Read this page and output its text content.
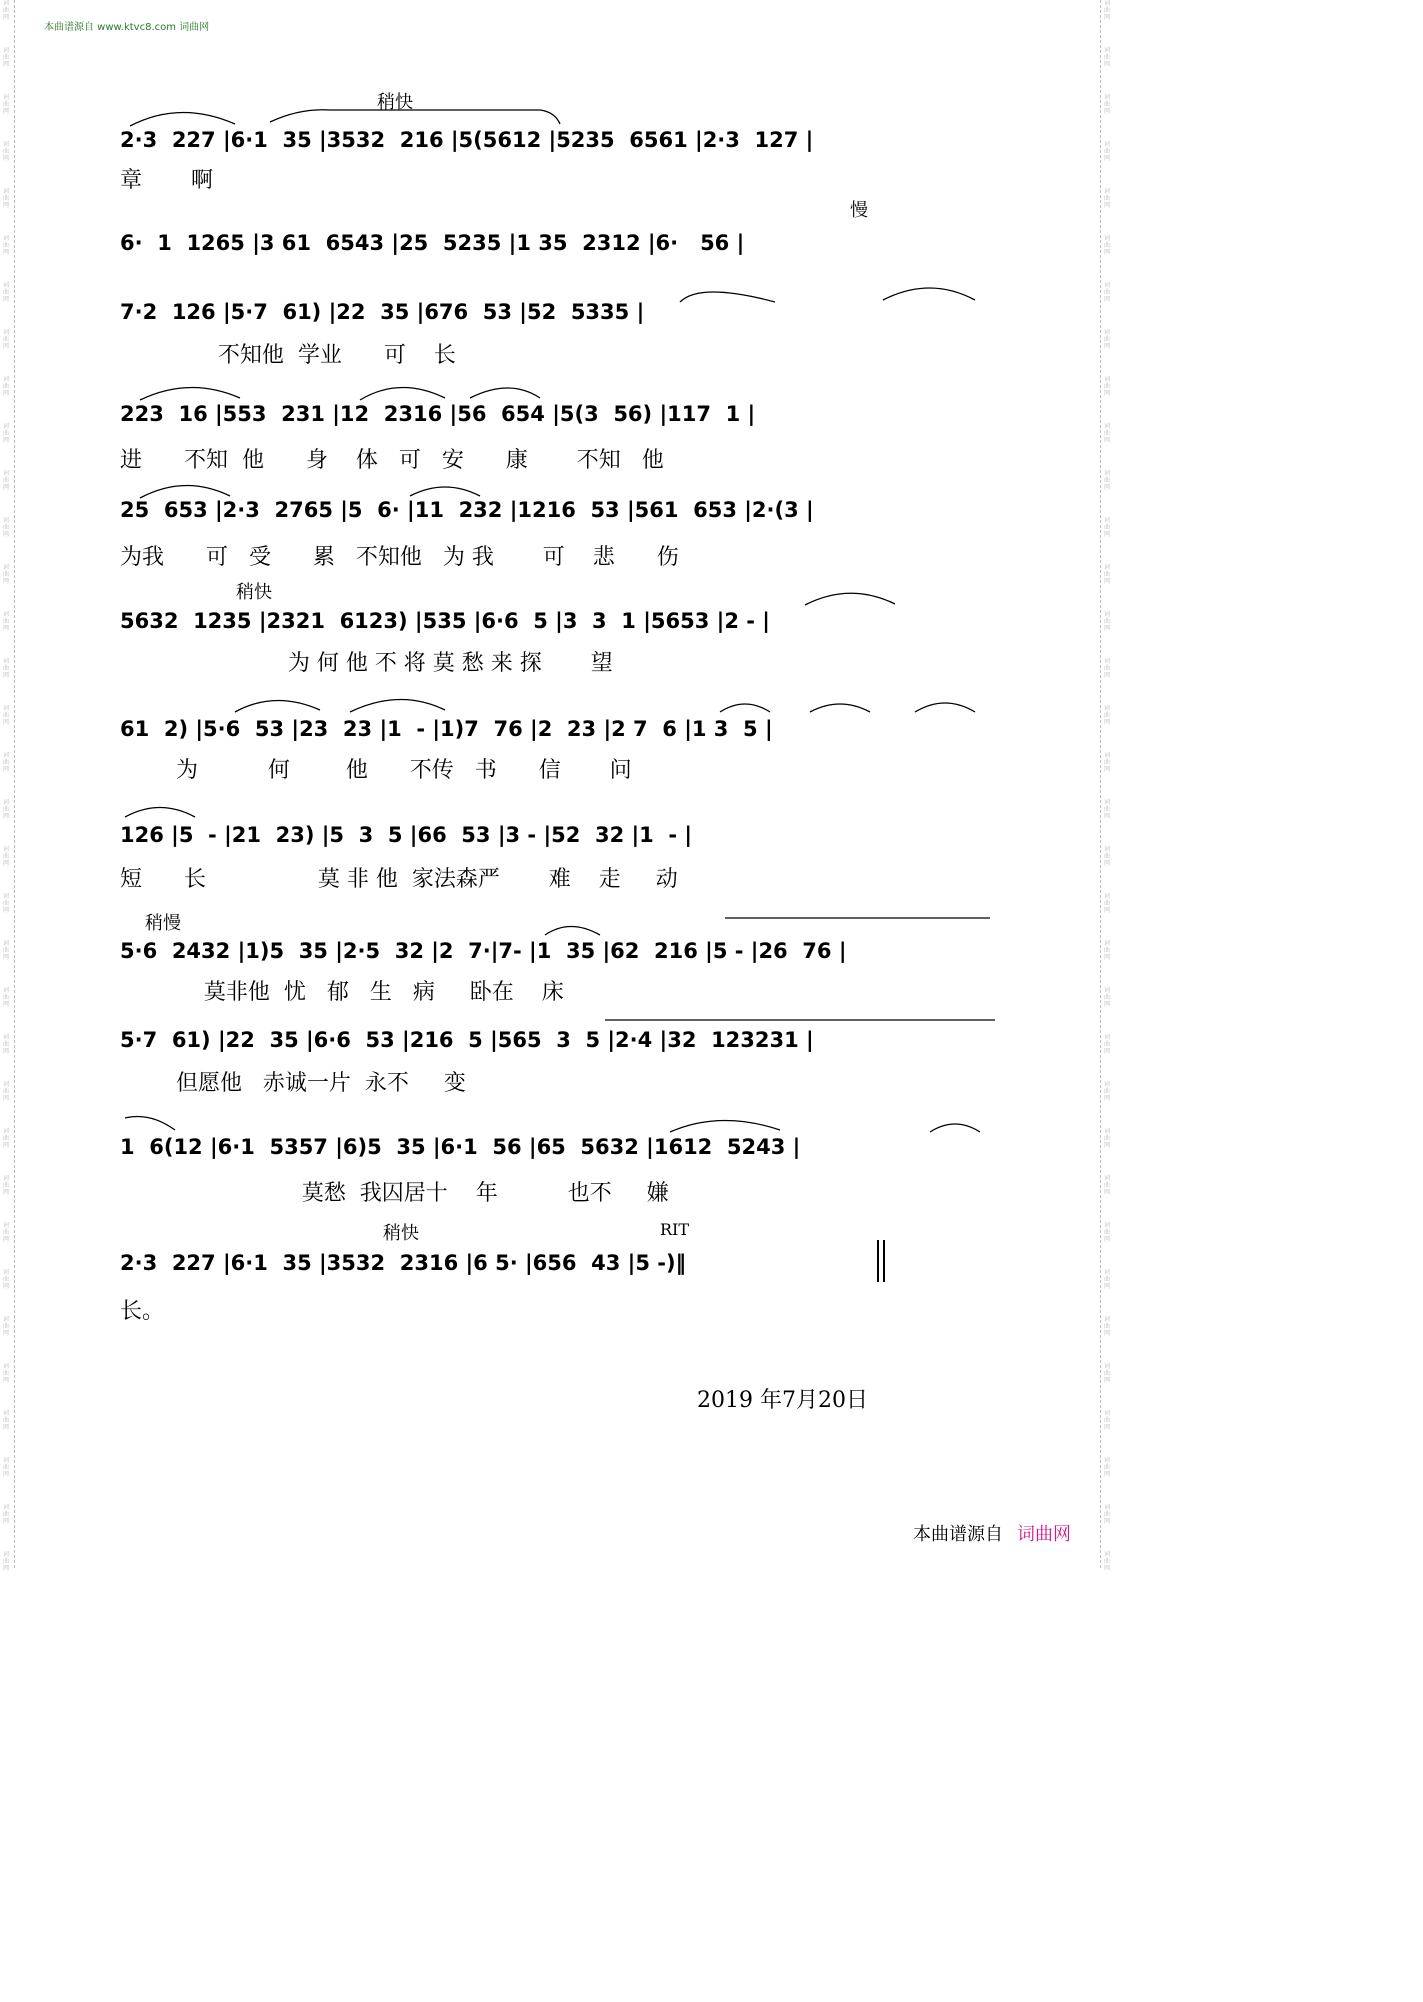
词曲网
词曲网
词曲网
词曲网
词曲网
词曲网
词曲网
词曲网
词曲网
词曲网
词曲网
词曲网
词曲网
词曲网
词曲网
词曲网
词曲网
词曲网
词曲网
词曲网
词曲网
词曲网
词曲网
词曲网
词曲网
词曲网
词曲网
词曲网
词曲网
词曲网
词曲网
词曲网
词曲网
词曲网
词曲网
词曲网
词曲网
词曲网
词曲网
词曲网
词曲网
词曲网
词曲网
词曲网
词曲网
词曲网
词曲网
词曲网
词曲网
词曲网
词曲网
词曲网
词曲网
词曲网
词曲网
词曲网
词曲网
词曲网
词曲网
词曲网
词曲网
词曲网
词曲网
词曲网
词曲网
词曲网
词曲网
词曲网
本曲谱源自 www.ktvc8.com 词曲网
稍快
慢
稍快
稍慢
稍快	RIT
2·3  227 |6·1  35 |3532  216 |5(5612 |5235  6561 |2·3  127 |
章       啊
6·  1  1265 |3 61  6543 |25  5235 |1 35  2312 |6·   56 |
7·2  126 |5·7  61) |22  35 |676  53 |52  5335 |
不知他  学业      可    长
223  16 |553  231 |12  2316 |56  654 |5(3  56) |117  1 |
进      不知  他      身    体   可   安      康       不知   他
25  653 |2·3  2765 |5  6· |11  232 |1216  53 |561  653 |2·(3 |
为我      可   受      累   不知他   为 我       可    悲      伤
5632  1235 |2321  6123) |535 |6·6  5 |3  3  1 |5653 |2 - |
为 何 他 不 将 莫 愁 来 探       望
61  2) |5·6  53 |23  23 |1  - |1)7  76 |2  23 |2 7  6 |1 3  5 |
为          何        他      不传   书      信       问
126 |5  - |21  23) |5  3  5 |66  53 |3 - |52  32 |1  - |
短      长                莫 非 他  家法森严       难    走     动
5·6  2432 |1)5  35 |2·5  32 |2  7·|7- |1  35 |62  216 |5 - |26  76 |
莫非他  忧   郁   生   病     卧在    床
5·7  61) |22  35 |6·6  53 |216  5 |565  3  5 |2·4 |32  123231 |
但愿他   赤诚一片  永不     变
1  6(12 |6·1  5357 |6)5  35 |6·1  56 |65  5632 |1612  5243 |
莫愁  我囚居十    年          也不     嫌
2·3  227 |6·1  35 |3532  2316 |6 5· |656  43 |5 -)‖
长。
2019 年7月20日
本曲谱源自 词曲网
